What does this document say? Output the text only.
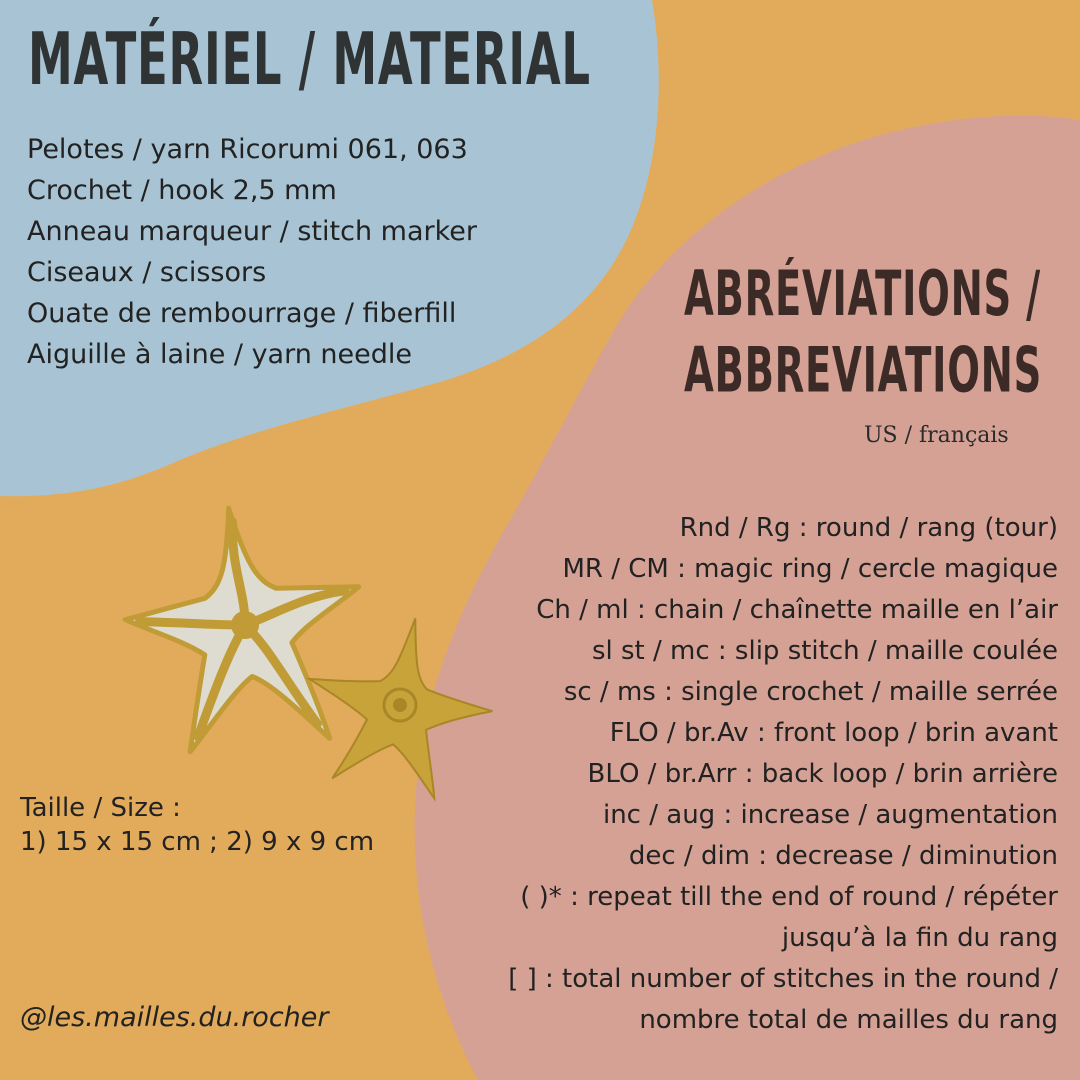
MATÉRIEL / MATERIAL
Pelotes / yarn Ricorumi 061, 063
Crochet / hook 2,5 mm
Anneau marqueur / stitch marker
Ciseaux / scissors
Ouate de rembourrage / fiberfill
Aiguille à laine / yarn needle
ABRÉVIATIONS /
ABBREVIATIONS
US / français
Rnd / Rg : round / rang (tour)
MR / CM : magic ring / cercle magique
Ch / ml : chain / chaînette maille en l’air
sl st / mc : slip stitch / maille coulée
sc / ms : single crochet / maille serrée
FLO / br.Av : front loop / brin avant
BLO / br.Arr : back loop / brin arrière
inc / aug : increase / augmentation
dec / dim : decrease / diminution
( )* : repeat till the end of round / répéter jusqu’à la fin du rang
[ ] : total number of stitches in the round / nombre total de mailles du rang
Taille / Size :
1) 15 x 15 cm ; 2) 9 x 9 cm
@les.mailles.du.rocher
